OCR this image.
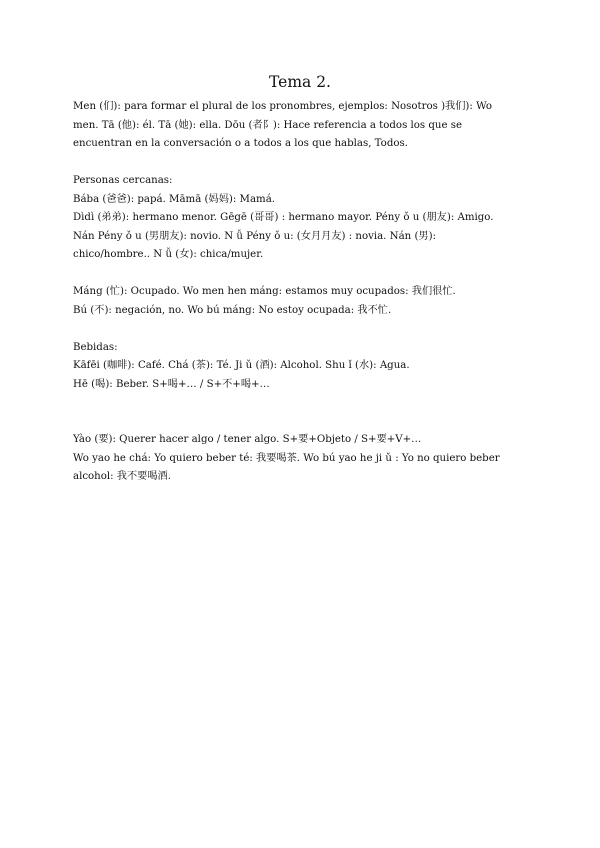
Tema 2.
Men (们): para formar el plural de los pronombres, ejemplos: Nosotros )我们): Wo
men. Tā (他): él. Tā (她): ella. Dōu (者阝): Hace referencia a todos los que se
encuentran en la conversación o a todos a los que hablas, Todos.
Personas cercanas:
Bába (爸爸): papá. Māmā (妈妈): Mamá.
Dìdì (弟弟): hermano menor. Gēgē (哥哥) : hermano mayor. Pény ǒ u (朋友): Amigo.
Nán Pény ǒ u (男朋友): novio. N ǚ Pény ǒ u: (女月月友) : novia. Nán (男):
chico/hombre.. N ǚ (女): chica/mujer.
Máng (忙): Ocupado. Wo men hen máng: estamos muy ocupados: 我们很忙.
Bú (不): negación, no. Wo bú máng: No estoy ocupada: 我不忙.
Bebidas:
Kāfēi (咖啡): Café. Chá (茶): Té. Ji ǔ (酒): Alcohol. Shu ǐ (水): Agua.
Hē (喝): Beber. S+喝+… / S+不+喝+…
Yào (要): Querer hacer algo / tener algo. S+要+Objeto / S+要+V+…
Wo yao he chá: Yo quiero beber té: 我要喝茶. Wo bú yao he ji ǔ : Yo no quiero beber
alcohol: 我不要喝酒.
